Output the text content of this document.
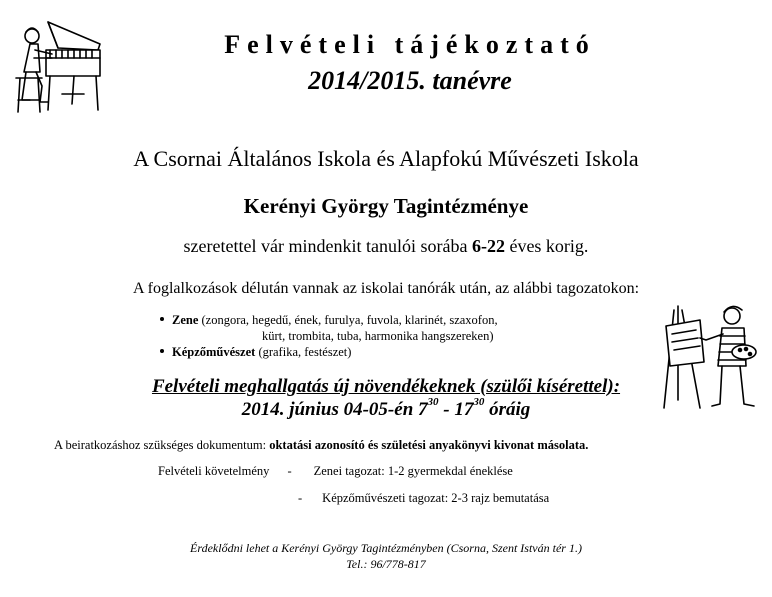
Felvételi tájékoztató
2014/2015. tanévre
A Csornai Általános Iskola és Alapfokú Művészeti Iskola
Kerényi György Tagintézménye
szeretettel vár mindenkit tanulói sorába 6-22 éves korig.
A foglalkozások délután vannak az iskolai tanórák után, az alábbi tagozatokon:
Zene (zongora, hegedű, ének, furulya, fuvola, klarinét, szaxofon,
kürt, trombita, tuba, harmonika hangszereken)
Képzőművészet (grafika, festészet)
Felvételi meghallgatás új növendékeknek (szülői kísérettel):
2014. június 04-05-én $7^{30} - 17^{30}$ óráig
A beiratkozáshoz szükséges dokumentum: oktatási azonosító és születési anyakönyvi kivonat másolata.
Felvételi követelmény - Zenei tagozat: 1-2 gyermekdal éneklése
- Képzőművészeti tagozat: 2-3 rajz bemutatása
Érdeklődni lehet a Kerényi György Tagintézményben (Csorna, Szent István tér 1.)
Tel.: 96/778-817
